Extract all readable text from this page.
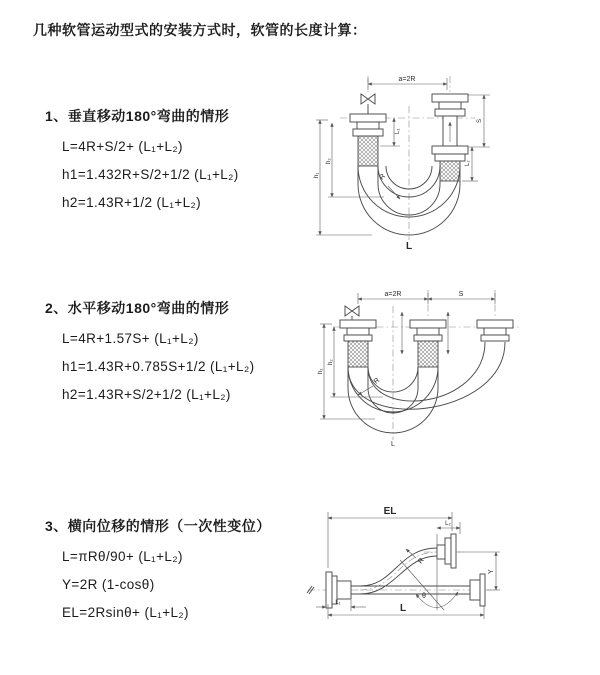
几种软管运动型式的安装方式时，软管的长度计算：

1、垂直移动180°弯曲的情形

L=4R+S/2+ (L₁+L₂)

h1=1.432R+S/2+1/2 (L₁+L₂)

h2=1.43R+1/2 (L₁+L₂)

a=2R
R
h₁
h₂
L₁
S
L₂
L

2、水平移动180°弯曲的情形

L=4R+1.57S+ (L₁+L₂)

h1=1.43R+0.785S+1/2 (L₁+L₂)

h2=1.43R+S/2+1/2 (L₁+L₂)

a=2R	S
R
h₁
h₂
L

3、横向位移的情形（一次性变位）

L=πRθ/90+ (L₁+L₂)

Y=2R (1-cosθ)

EL=2Rsinθ+ (L₁+L₂)

EL
L₂
θ
R
Y
L₁	L
